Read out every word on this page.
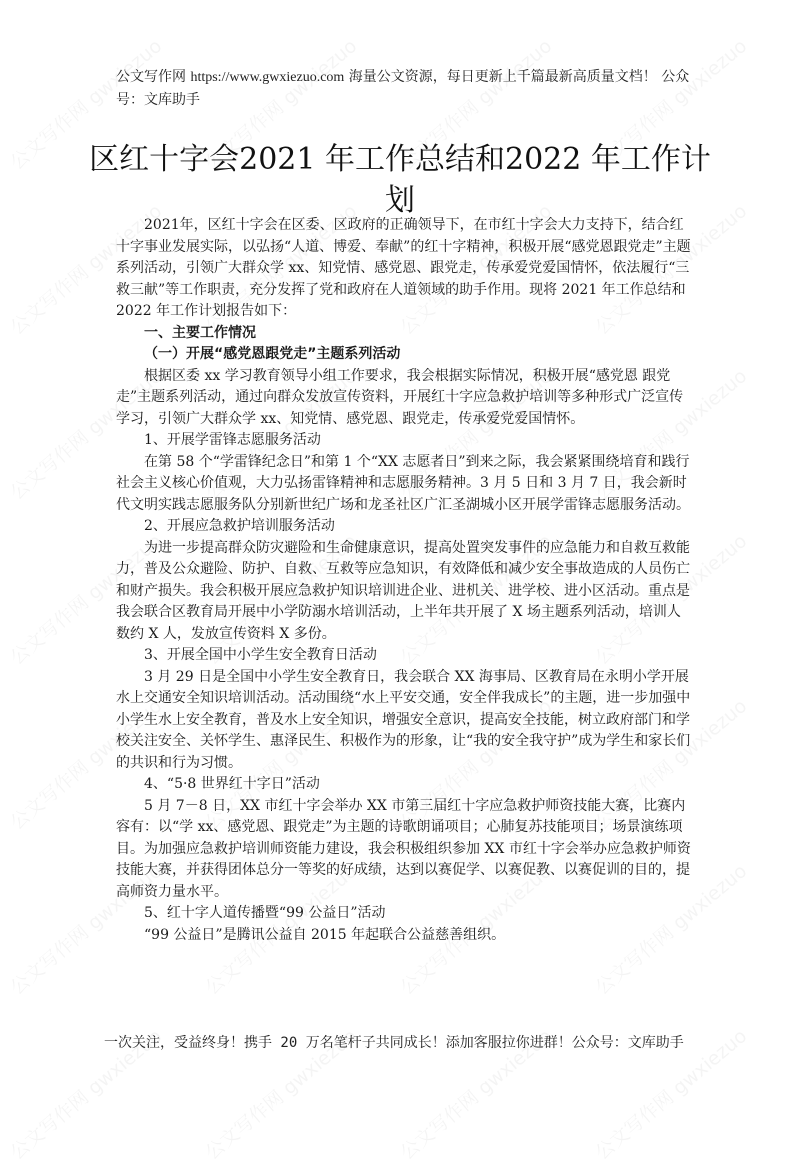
公文写作网 https://www.gwxiezuo.com 海量公文资源，每日更新上千篇最新高质量文档！ 公众号：文库助手
区红十字会2021 年工作总结和2022 年工作计划

2021年，区红十字会在区委、区政府的正确领导下，在市红十字会大力支持下，结合红十字事业发展实际，以弘扬“人道、博爱、奉献”的红十字精神，积极开展“感党恩跟党走”主题系列活动，引领广大群众学 xx、知党情、感党恩、跟党走，传承爱党爱国情怀，依法履行“三救三献”等工作职责，充分发挥了党和政府在人道领域的助手作用。现将 2021 年工作总结和 2022 年工作计划报告如下：

一、主要工作情况

（一）开展“感党恩跟党走”主题系列活动

根据区委 xx 学习教育领导小组工作要求，我会根据实际情况，积极开展“感党恩 跟党走”主题系列活动，通过向群众发放宣传资料，开展红十字应急救护培训等多种形式广泛宣传学习，引领广大群众学 xx、知党情、感党恩、跟党走，传承爱党爱国情怀。

1、开展学雷锋志愿服务活动

在第 58 个“学雷锋纪念日”和第 1 个“XX 志愿者日”到来之际，我会紧紧围绕培育和践行社会主义核心价值观，大力弘扬雷锋精神和志愿服务精神。3 月 5 日和 3 月 7 日，我会新时代文明实践志愿服务队分别新世纪广场和龙圣社区广汇圣湖城小区开展学雷锋志愿服务活动。

2、开展应急救护培训服务活动

为进一步提高群众防灾避险和生命健康意识，提高处置突发事件的应急能力和自救互救能力，普及公众避险、防护、自救、互救等应急知识，有效降低和减少安全事故造成的人员伤亡和财产损失。我会积极开展应急救护知识培训进企业、进机关、进学校、进小区活动。重点是我会联合区教育局开展中小学防溺水培训活动，上半年共开展了 X 场主题系列活动，培训人数约 X 人，发放宣传资料 X 多份。

3、开展全国中小学生安全教育日活动

3 月 29 日是全国中小学生安全教育日，我会联合 XX 海事局、区教育局在永明小学开展水上交通安全知识培训活动。活动围绕“水上平安交通，安全伴我成长”的主题，进一步加强中小学生水上安全教育，普及水上安全知识，增强安全意识，提高安全技能，树立政府部门和学校关注安全、关怀学生、惠泽民生、积极作为的形象，让“我的安全我守护”成为学生和家长们的共识和行为习惯。

4、“5·8 世界红十字日”活动

5 月 7－8 日，XX 市红十字会举办 XX 市第三届红十字应急救护师资技能大赛，比赛内容有：以“学 xx、感党恩、跟党走”为主题的诗歌朗诵项目；心肺复苏技能项目；场景演练项目。为加强应急救护培训师资能力建设，我会积极组织参加 XX 市红十字会举办应急救护师资技能大赛，并获得团体总分一等奖的好成绩，达到以赛促学、以赛促教、以赛促训的目的，提高师资力量水平。

5、红十字人道传播暨“99 公益日”活动

“99 公益日”是腾讯公益自 2015 年起联合公益慈善组织。

一次关注，受益终身！携手 20 万名笔杆子共同成长！添加客服拉你进群！公众号：文库助手
